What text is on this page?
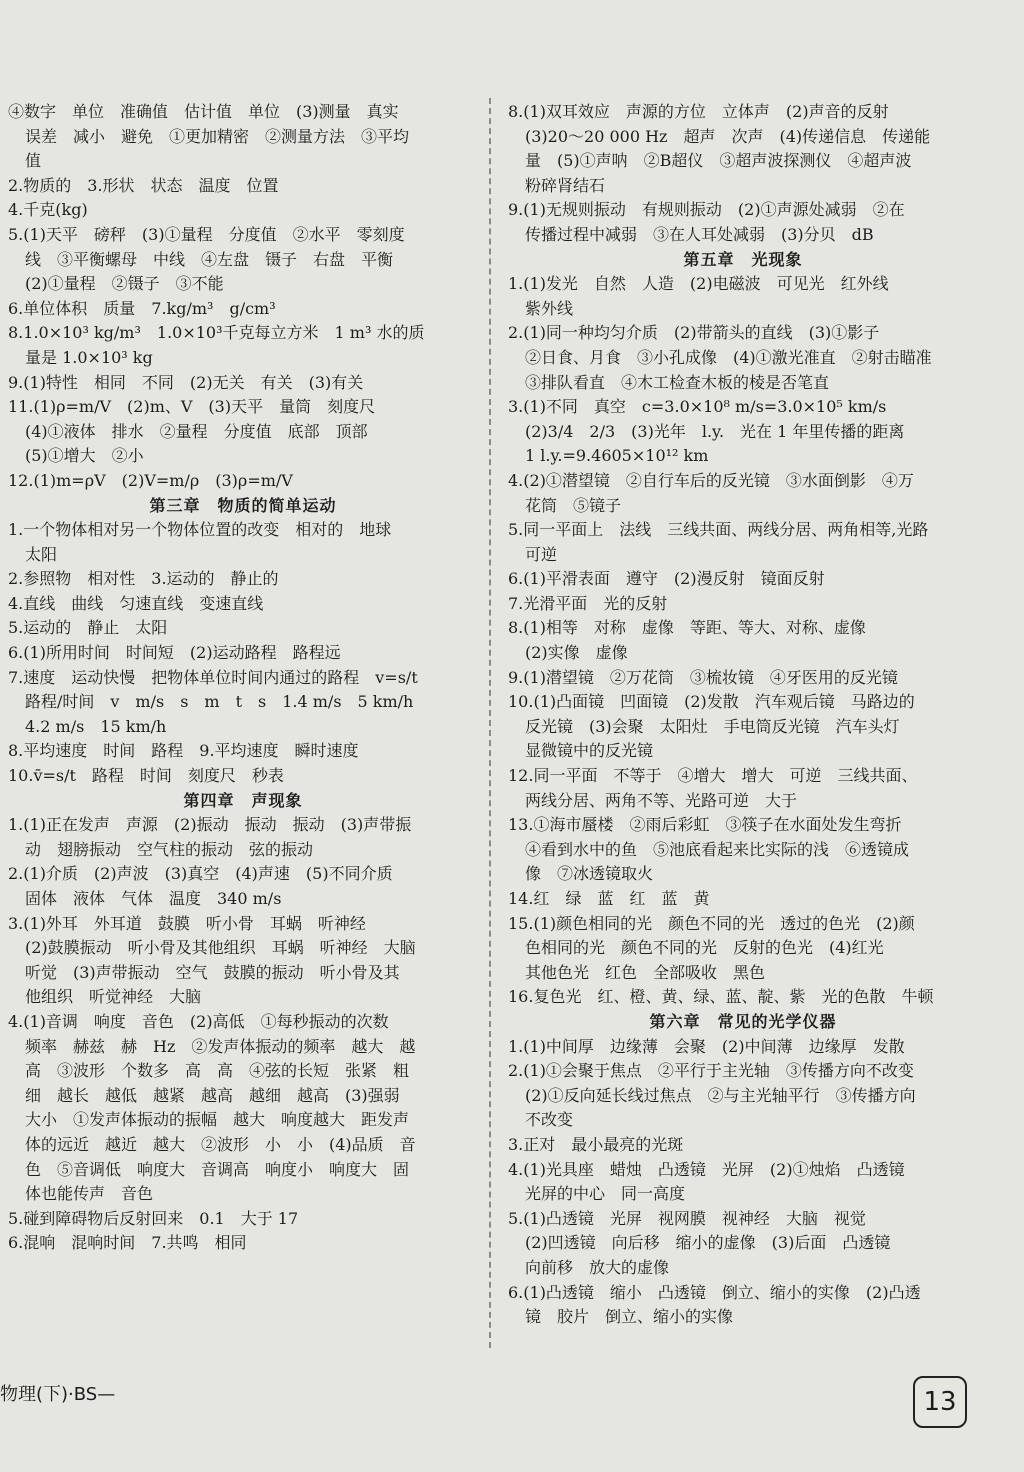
④数字　单位　准确值　估计值　单位　(3)测量　真实
误差　减小　避免　①更加精密　②测量方法　③平均
值
2.物质的　3.形状　状态　温度　位置
4.千克(kg)
5.(1)天平　磅秤　(3)①量程　分度值　②水平　零刻度
线　③平衡螺母　中线　④左盘　镊子　右盘　平衡
(2)①量程　②镊子　③不能
6.单位体积　质量　7.kg/m³　g/cm³
8.1.0×10³ kg/m³　1.0×10³千克每立方米　1 m³ 水的质
量是 1.0×10³ kg
9.(1)特性　相同　不同　(2)无关　有关　(3)有关
11.(1)ρ=m/V　(2)m、V　(3)天平　量筒　刻度尺
(4)①液体　排水　②量程　分度值　底部　顶部
(5)①增大　②小
12.(1)m=ρV　(2)V=m/ρ　(3)ρ=m/V
第三章　物质的简单运动
1.一个物体相对另一个物体位置的改变　相对的　地球
太阳
2.参照物　相对性　3.运动的　静止的
4.直线　曲线　匀速直线　变速直线
5.运动的　静止　太阳
6.(1)所用时间　时间短　(2)运动路程　路程远
7.速度　运动快慢　把物体单位时间内通过的路程　v=s/t
路程/时间　v　m/s　s　m　t　s　1.4 m/s　5 km/h
4.2 m/s　15 km/h
8.平均速度　时间　路程　9.平均速度　瞬时速度
10.v̄=s/t　路程　时间　刻度尺　秒表
第四章　声现象
1.(1)正在发声　声源　(2)振动　振动　振动　(3)声带振
动　翅膀振动　空气柱的振动　弦的振动
2.(1)介质　(2)声波　(3)真空　(4)声速　(5)不同介质
固体　液体　气体　温度　340 m/s
3.(1)外耳　外耳道　鼓膜　听小骨　耳蜗　听神经
(2)鼓膜振动　听小骨及其他组织　耳蜗　听神经　大脑
听觉　(3)声带振动　空气　鼓膜的振动　听小骨及其
他组织　听觉神经　大脑
4.(1)音调　响度　音色　(2)高低　①每秒振动的次数
频率　赫兹　赫　Hz　②发声体振动的频率　越大　越
高　③波形　个数多　高　高　④弦的长短　张紧　粗
细　越长　越低　越紧　越高　越细　越高　(3)强弱
大小　①发声体振动的振幅　越大　响度越大　距发声
体的远近　越近　越大　②波形　小　小　(4)品质　音
色　⑤音调低　响度大　音调高　响度小　响度大　固
体也能传声　音色
5.碰到障碍物后反射回来　0.1　大于 17
6.混响　混响时间　7.共鸣　相同
8.(1)双耳效应　声源的方位　立体声　(2)声音的反射
(3)20～20 000 Hz　超声　次声　(4)传递信息　传递能
量　(5)①声呐　②B超仪　③超声波探测仪　④超声波
粉碎肾结石
9.(1)无规则振动　有规则振动　(2)①声源处减弱　②在
传播过程中减弱　③在人耳处减弱　(3)分贝　dB
第五章　光现象
1.(1)发光　自然　人造　(2)电磁波　可见光　红外线
紫外线
2.(1)同一种均匀介质　(2)带箭头的直线　(3)①影子
②日食、月食　③小孔成像　(4)①激光准直　②射击瞄准
③排队看直　④木工检查木板的棱是否笔直
3.(1)不同　真空　c=3.0×10⁸ m/s=3.0×10⁵ km/s
(2)3/4　2/3　(3)光年　l.y.　光在 1 年里传播的距离
1 l.y.=9.4605×10¹² km
4.(2)①潜望镜　②自行车后的反光镜　③水面倒影　④万
花筒　⑤镜子
5.同一平面上　法线　三线共面、两线分居、两角相等,光路
可逆
6.(1)平滑表面　遵守　(2)漫反射　镜面反射
7.光滑平面　光的反射
8.(1)相等　对称　虚像　等距、等大、对称、虚像
(2)实像　虚像
9.(1)潜望镜　②万花筒　③梳妆镜　④牙医用的反光镜
10.(1)凸面镜　凹面镜　(2)发散　汽车观后镜　马路边的
反光镜　(3)会聚　太阳灶　手电筒反光镜　汽车头灯
显微镜中的反光镜
12.同一平面　不等于　④增大　增大　可逆　三线共面、
两线分居、两角不等、光路可逆　大于
13.①海市蜃楼　②雨后彩虹　③筷子在水面处发生弯折
④看到水中的鱼　⑤池底看起来比实际的浅　⑥透镜成
像　⑦冰透镜取火
14.红　绿　蓝　红　蓝　黄
15.(1)颜色相同的光　颜色不同的光　透过的色光　(2)颜
色相同的光　颜色不同的光　反射的色光　(4)红光
其他色光　红色　全部吸收　黑色
16.复色光　红、橙、黄、绿、蓝、靛、紫　光的色散　牛顿
第六章　常见的光学仪器
1.(1)中间厚　边缘薄　会聚　(2)中间薄　边缘厚　发散
2.(1)①会聚于焦点　②平行于主光轴　③传播方向不改变
(2)①反向延长线过焦点　②与主光轴平行　③传播方向
不改变
3.正对　最小最亮的光斑
4.(1)光具座　蜡烛　凸透镜　光屏　(2)①烛焰　凸透镜
光屏的中心　同一高度
5.(1)凸透镜　光屏　视网膜　视神经　大脑　视觉
(2)凹透镜　向后移　缩小的虚像　(3)后面　凸透镜
向前移　放大的虚像
6.(1)凸透镜　缩小　凸透镜　倒立、缩小的实像　(2)凸透
镜　胶片　倒立、缩小的实像
物理(下)·BS—	13
